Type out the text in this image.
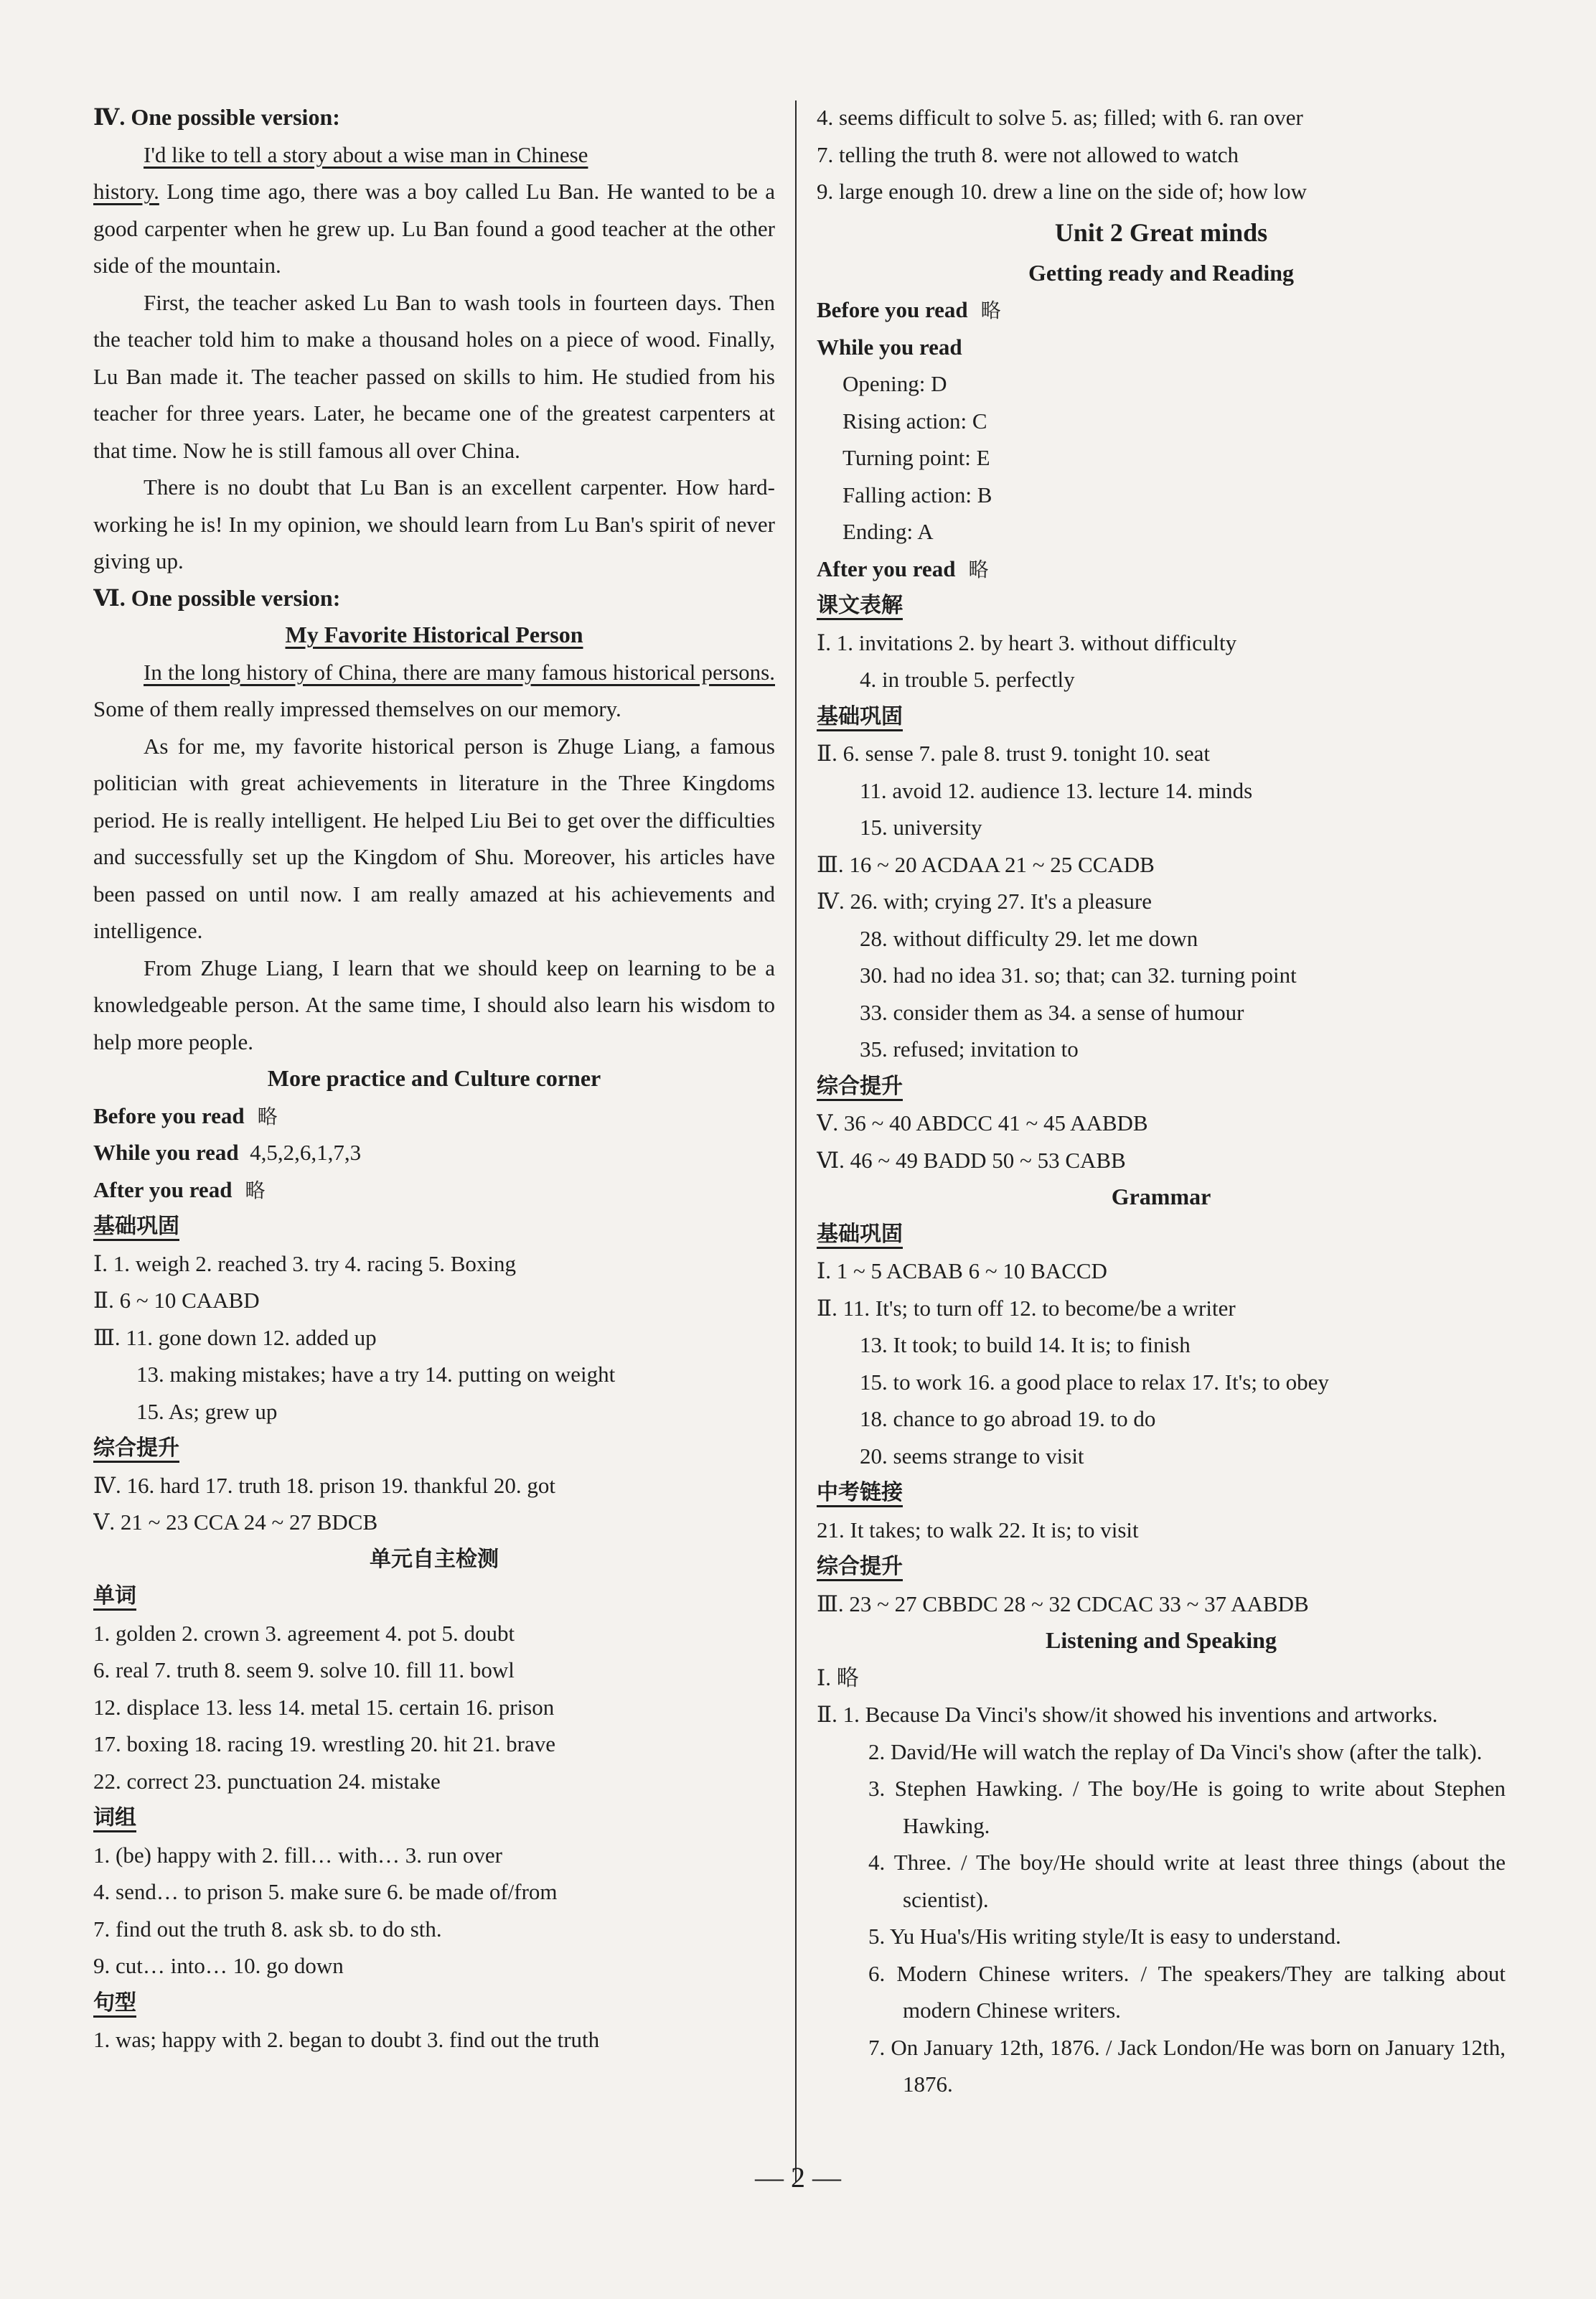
Ⅳ. One possible version:
I'd like to tell a story about a wise man in Chinese
history. Long time ago, there was a boy called Lu Ban. He wanted to be a good carpenter when he grew up. Lu Ban found a good teacher at the other side of the mountain.
First, the teacher asked Lu Ban to wash tools in fourteen days. Then the teacher told him to make a thousand holes on a piece of wood. Finally, Lu Ban made it. The teacher passed on skills to him. He studied from his teacher for three years. Later, he became one of the greatest carpenters at that time. Now he is still famous all over China.
There is no doubt that Lu Ban is an excellent carpenter. How hard-working he is! In my opinion, we should learn from Lu Ban's spirit of never giving up.
Ⅵ. One possible version:
My Favorite Historical Person
In the long history of China, there are many famous historical persons. Some of them really impressed themselves on our memory.
As for me, my favorite historical person is Zhuge Liang, a famous politician with great achievements in literature in the Three Kingdoms period. He is really intelligent. He helped Liu Bei to get over the difficulties and successfully set up the Kingdom of Shu. Moreover, his articles have been passed on until now. I am really amazed at his achievements and intelligence.
From Zhuge Liang, I learn that we should keep on learning to be a knowledgeable person. At the same time, I should also learn his wisdom to help more people.
More practice and Culture corner
Before you read 略
While you read 4,5,2,6,1,7,3
After you read 略
基础巩固
Ⅰ. 1. weigh 2. reached 3. try 4. racing 5. Boxing
Ⅱ. 6 ~ 10 CAABD
Ⅲ. 11. gone down 12. added up
13. making mistakes; have a try 14. putting on weight
15. As; grew up
综合提升
Ⅳ. 16. hard 17. truth 18. prison 19. thankful 20. got
Ⅴ. 21 ~ 23 CCA 24 ~ 27 BDCB
单元自主检测
单词
1. golden 2. crown 3. agreement 4. pot 5. doubt
6. real 7. truth 8. seem 9. solve 10. fill 11. bowl
12. displace 13. less 14. metal 15. certain 16. prison
17. boxing 18. racing 19. wrestling 20. hit 21. brave
22. correct 23. punctuation 24. mistake
词组
1. (be) happy with 2. fill… with… 3. run over
4. send… to prison 5. make sure 6. be made of/from
7. find out the truth 8. ask sb. to do sth.
9. cut… into… 10. go down
句型
1. was; happy with 2. began to doubt 3. find out the truth
4. seems difficult to solve 5. as; filled; with 6. ran over
7. telling the truth 8. were not allowed to watch
9. large enough 10. drew a line on the side of; how low
Unit 2 Great minds
Getting ready and Reading
Before you read 略
While you read
Opening: D
Rising action: C
Turning point: E
Falling action: B
Ending: A
After you read 略
课文表解
Ⅰ. 1. invitations 2. by heart 3. without difficulty
4. in trouble 5. perfectly
基础巩固
Ⅱ. 6. sense 7. pale 8. trust 9. tonight 10. seat
11. avoid 12. audience 13. lecture 14. minds
15. university
Ⅲ. 16 ~ 20 ACDAA 21 ~ 25 CCADB
Ⅳ. 26. with; crying 27. It's a pleasure
28. without difficulty 29. let me down
30. had no idea 31. so; that; can 32. turning point
33. consider them as 34. a sense of humour
35. refused; invitation to
综合提升
Ⅴ. 36 ~ 40 ABDCC 41 ~ 45 AABDB
Ⅵ. 46 ~ 49 BADD 50 ~ 53 CABB
Grammar
基础巩固
Ⅰ. 1 ~ 5 ACBAB 6 ~ 10 BACCD
Ⅱ. 11. It's; to turn off 12. to become/be a writer
13. It took; to build 14. It is; to finish
15. to work 16. a good place to relax 17. It's; to obey
18. chance to go abroad 19. to do
20. seems strange to visit
中考链接
21. It takes; to walk 22. It is; to visit
综合提升
Ⅲ. 23 ~ 27 CBBDC 28 ~ 32 CDCAC 33 ~ 37 AABDB
Listening and Speaking
Ⅰ. 略
Ⅱ. 1. Because Da Vinci's show/it showed his inventions and artworks.
2. David/He will watch the replay of Da Vinci's show (after the talk).
3. Stephen Hawking. / The boy/He is going to write about Stephen Hawking.
4. Three. / The boy/He should write at least three things (about the scientist).
5. Yu Hua's/His writing style/It is easy to understand.
6. Modern Chinese writers. / The speakers/They are talking about modern Chinese writers.
7. On January 12th, 1876. / Jack London/He was born on January 12th, 1876.
— 2 —
